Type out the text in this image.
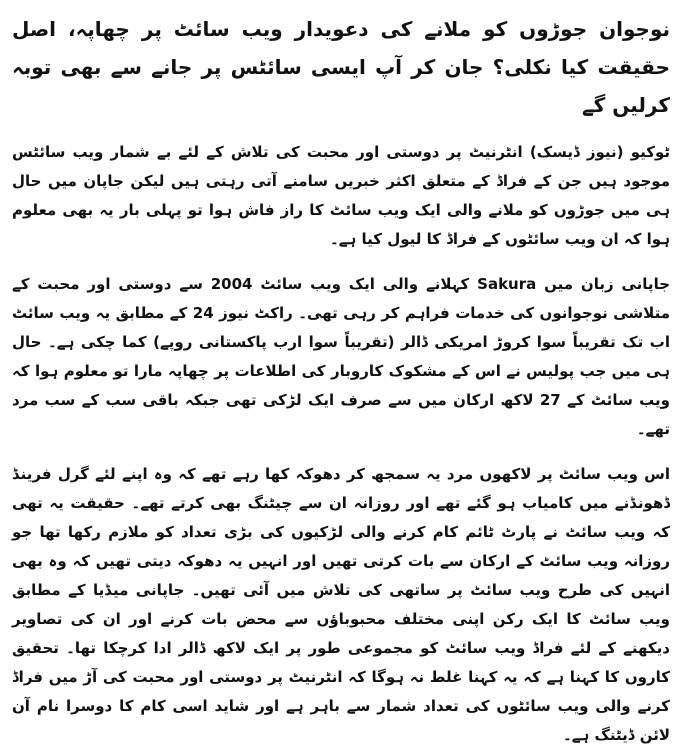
نوجوان جوڑوں کو ملانے کی دعویدار ویب سائٹ پر چھاپہ، اصل حقیقت کیا نکلی؟ جان کر آپ ایسی سائٹس پر جانے سے بھی توبہ کرلیں گے

ٹوکیو (نیوز ڈیسک) انٹرنیٹ پر دوستی اور محبت کی تلاش کے لئے بے شمار ویب سائٹس موجود ہیں جن کے فراڈ کے متعلق اکثر خبریں سامنے آتی رہتی ہیں لیکن جاپان میں حال ہی میں جوڑوں کو ملانے والی ایک ویب سائٹ کا راز فاش ہوا تو پہلی بار یہ بھی معلوم ہوا کہ ان ویب سائٹوں کے فراڈ کا لیول کیا ہے۔

جاپانی زبان میں Sakura کہلانے والی ایک ویب سائٹ 2004 سے دوستی اور محبت کے متلاشی نوجوانوں کی خدمات فراہم کر رہی تھی۔ راکٹ نیوز 24 کے مطابق یہ ویب سائٹ اب تک تقریباً سوا کروڑ امریکی ڈالر (تقریباً سوا ارب پاکستانی روپے) کما چکی ہے۔ حال ہی میں جب پولیس نے اس کے مشکوک کاروبار کی اطلاعات پر چھاپہ مارا تو معلوم ہوا کہ ویب سائٹ کے 27 لاکھ ارکان میں سے صرف ایک لڑکی تھی جبکہ باقی سب کے سب مرد تھے۔

اس ویب سائٹ پر لاکھوں مرد یہ سمجھ کر دھوکہ کھا رہے تھے کہ وہ اپنے لئے گرل فرینڈ ڈھونڈنے میں کامیاب ہو گئے تھے اور روزانہ ان سے چیٹنگ بھی کرتے تھے۔ حقیقت یہ تھی کہ ویب سائٹ نے پارٹ ٹائم کام کرنے والی لڑکیوں کی بڑی تعداد کو ملازم رکھا تھا جو روزانہ ویب سائٹ کے ارکان سے بات کرتی تھیں اور انہیں یہ دھوکہ دیتی تھیں کہ وہ بھی انہیں کی طرح ویب سائٹ پر ساتھی کی تلاش میں آئی تھیں۔ جاپانی میڈیا کے مطابق ویب سائٹ کا ایک رکن اپنی مختلف محبوباؤں سے محض بات کرنے اور ان کی تصاویر دیکھنے کے لئے فراڈ ویب سائٹ کو مجموعی طور پر ایک لاکھ ڈالر ادا کرچکا تھا۔ تحقیق کاروں کا کہنا ہے کہ یہ کہنا غلط نہ ہوگا کہ انٹرنیٹ پر دوستی اور محبت کی آڑ میں فراڈ کرنے والی ویب سائٹوں کی تعداد شمار سے باہر ہے اور شاید اسی کام کا دوسرا نام آن لائن ڈیٹنگ ہے۔
